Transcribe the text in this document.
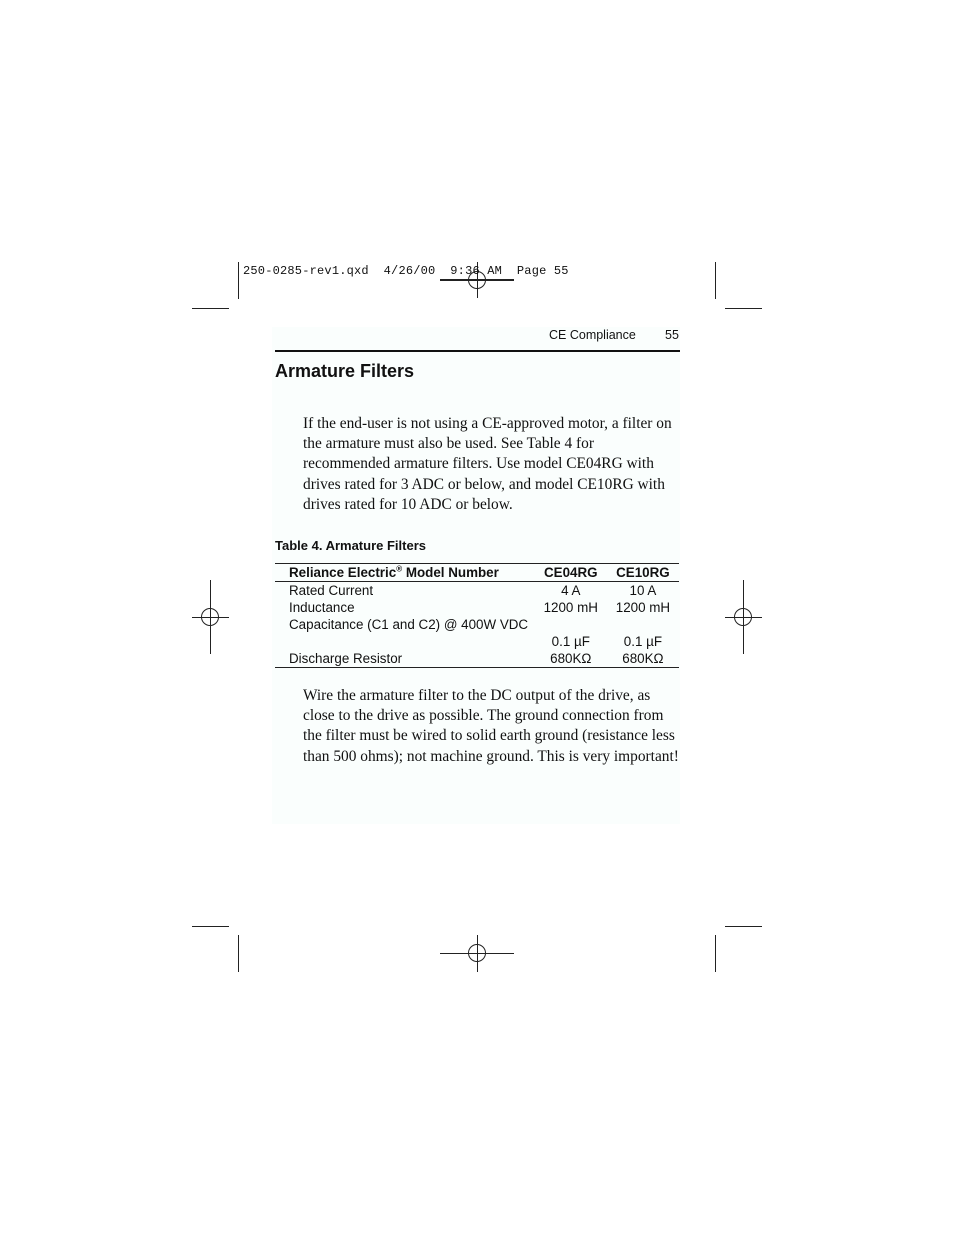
250-0285-rev1.qxd 4/26/00 9:36 AM Page 55
CE Compliance 55
Armature Filters
If the end-user is not using a CE-approved motor, a filter on the armature must also be used. See Table 4 for recommended armature filters. Use model CE04RG with drives rated for 3 ADC or below, and model CE10RG with drives rated for 10 ADC or below.
Table 4. Armature Filters
Reliance Electric® Model Number	CE04RG	CE10RG
Rated Current	4 A	10 A
Inductance	1200 mH	1200 mH
Capacitance (C1 and C2) @ 400W VDC		
	0.1 µF	0.1 µF
Discharge Resistor	680KΩ	680KΩ
Wire the armature filter to the DC output of the drive, as close to the drive as possible. The ground connection from the filter must be wired to solid earth ground (resistance less than 500 ohms); not machine ground. This is very important!
